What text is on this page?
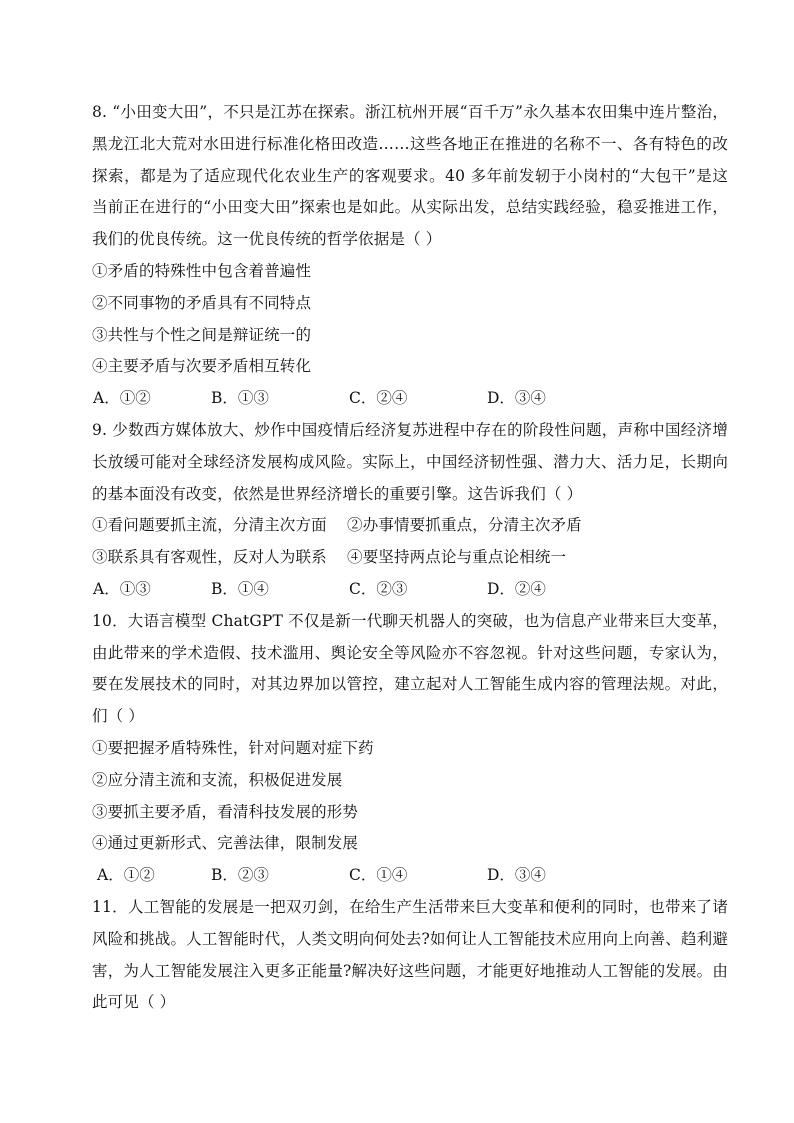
8. “小田变大田”，不只是江苏在探索。浙江杭州开展“百千万”永久基本农田集中连片整治，
黑龙江北大荒对水田进行标准化格田改造……这些各地正在推进的名称不一、各有特色的改
探索，都是为了适应现代化农业生产的客观要求。40 多年前发轫于小岗村的“大包干”是这
当前正在进行的“小田变大田”探索也是如此。从实际出发，总结实践经验，稳妥推进工作，
我们的优良传统。这一优良传统的哲学依据是（ ）
①矛盾的特殊性中包含着普遍性
②不同事物的矛盾具有不同特点
③共性与个性之间是辩证统一的
④主要矛盾与次要矛盾相互转化
A．①②	B．①③	C．②④	D．③④
9. 少数西方媒体放大、炒作中国疫情后经济复苏进程中存在的阶段性问题，声称中国经济增
长放缓可能对全球经济发展构成风险。实际上，中国经济韧性强、潜力大、活力足，长期向
的基本面没有改变，依然是世界经济增长的重要引擎。这告诉我们（ ）
①看问题要抓主流，分清主次方面    ②办事情要抓重点，分清主次矛盾
③联系具有客观性，反对人为联系    ④要坚持两点论与重点论相统一
A．①③	B．①④	C．②③	D．②④
10．大语言模型 ChatGPT 不仅是新一代聊天机器人的突破，也为信息产业带来巨大变革，
由此带来的学术造假、技术滥用、舆论安全等风险亦不容忽视。针对这些问题，专家认为，
要在发展技术的同时，对其边界加以管控，建立起对人工智能生成内容的管理法规。对此，
们（ ）
①要把握矛盾特殊性，针对问题对症下药
②应分清主流和支流，积极促进发展
③要抓主要矛盾，看清科技发展的形势
④通过更新形式、完善法律，限制发展
A．①②	B．②③	C．①④	D．③④
11．人工智能的发展是一把双刃剑，在给生产生活带来巨大变革和便利的同时，也带来了诸
风险和挑战。人工智能时代，人类文明向何处去?如何让人工智能技术应用向上向善、趋利避
害，为人工智能发展注入更多正能量?解决好这些问题，才能更好地推动人工智能的发展。由
此可见（ ）
